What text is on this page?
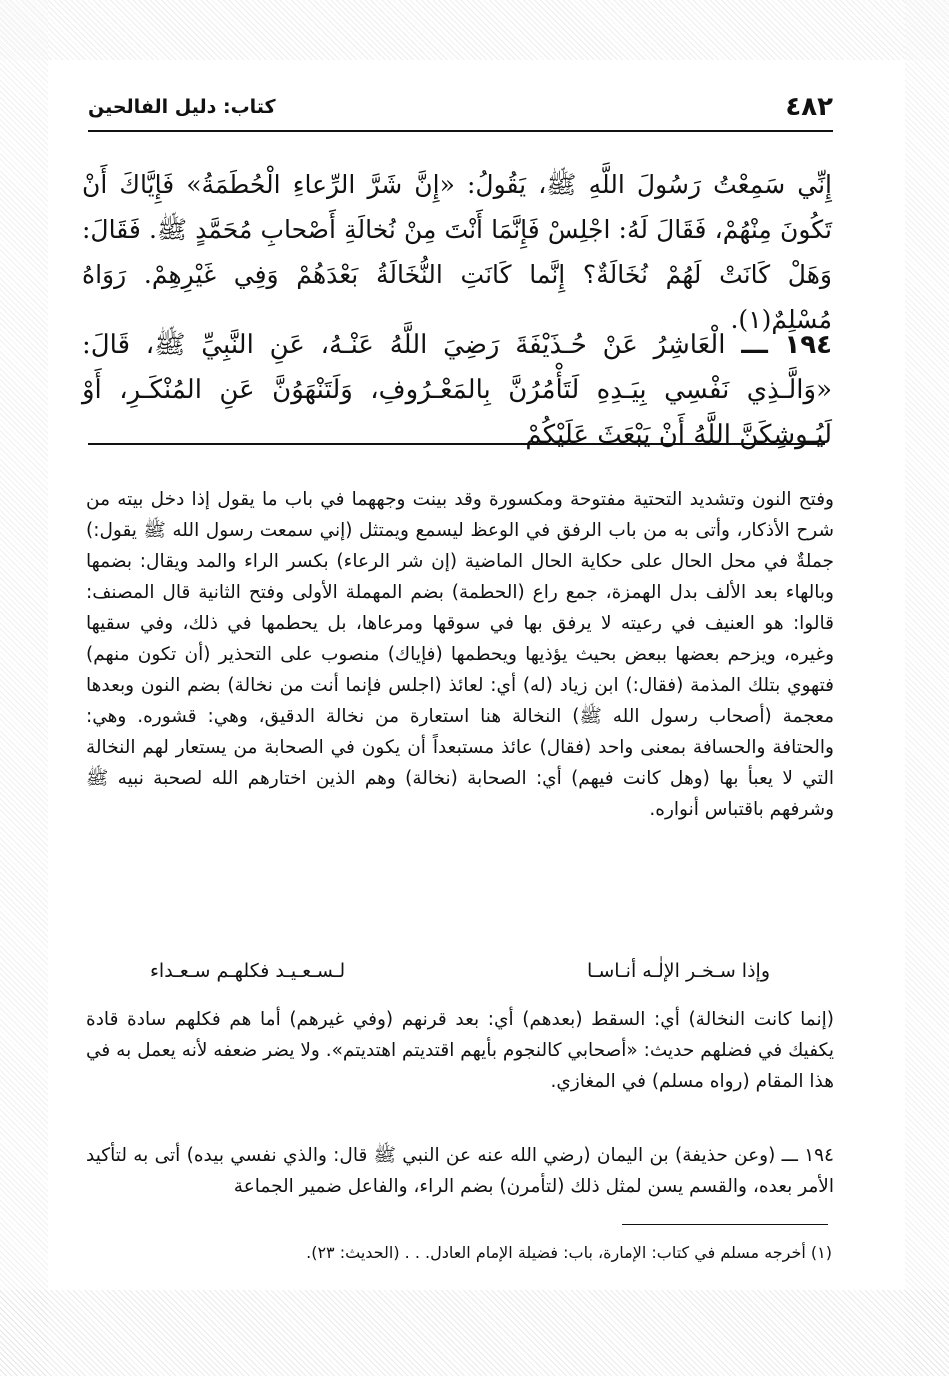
٤٨٢
كتاب: دليل الفالحين
إِنِّي سَمِعْتُ رَسُولَ اللَّهِ ﷺ، يَقُولُ: «إِنَّ شَرَّ الرِّعاءِ الْحُطَمَةُ» فَإِيَّاكَ أَنْ تَكُونَ مِنْهُمْ، فَقَالَ لَهُ: اجْلِسْ فَإِنَّمَا أَنْتَ مِنْ نُخالَةِ أَصْحابِ مُحَمَّدٍ ﷺ. فَقَالَ: وَهَلْ كَانَتْ لَهُمْ نُخَالَةٌ؟ إِنَّما كَانَتِ النُّخَالَةُ بَعْدَهُمْ وَفِي غَيْرِهِمْ. رَوَاهُ مُسْلِمٌ(١).
١٩٤ ـــ الْعَاشِرُ عَنْ حُـذَيْفَةَ رَضِيَ اللَّهُ عَنْـهُ، عَنِ النَّبِيِّ ﷺ، قَالَ: «وَالَّـذِي نَفْسِي بِيَـدِهِ لَتَأْمُرُنَّ بِالمَعْـرُوفِ، وَلَتَنْهَوُنَّ عَنِ المُنْكَـرِ، أَوْ لَيُـوشِكَنَّ اللَّهُ أَنْ يَبْعَثَ عَلَيْكُمْ
وفتح النون وتشديد التحتية مفتوحة ومكسورة وقد بينت وجههما في باب ما يقول إذا دخل بيته من شرح الأذكار، وأتى به من باب الرفق في الوعظ ليسمع ويمتثل (إني سمعت رسول الله ﷺ يقول:) جملةٌ في محل الحال على حكاية الحال الماضية (إن شر الرعاء) بكسر الراء والمد ويقال: بضمها وبالهاء بعد الألف بدل الهمزة، جمع راع (الحطمة) بضم المهملة الأولى وفتح الثانية قال المصنف: قالوا: هو العنيف في رعيته لا يرفق بها في سوقها ومرعاها، بل يحطمها في ذلك، وفي سقيها وغيره، ويزحم بعضها ببعض بحيث يؤذيها ويحطمها (فإياك) منصوب على التحذير (أن تكون منهم) فتهوي بتلك المذمة (فقال:) ابن زياد (له) أي: لعائذ (اجلس فإنما أنت من نخالة) بضم النون وبعدها معجمة (أصحاب رسول الله ﷺ) النخالة هنا استعارة من نخالة الدقيق، وهي: قشوره. وهي: والحتافة والحسافة بمعنى واحد (فقال) عائذ مستبعداً أن يكون في الصحابة من يستعار لهم النخالة التي لا يعبأ بها (وهل كانت فيهم) أي: الصحابة (نخالة) وهم الذين اختارهم الله لصحبة نبيه ﷺ وشرفهم باقتباس أنواره.
وإذا سـخـر الإلٰـه أنـاسـا
لـسـعـيـد فكلهـم سـعـداء
(إنما كانت النخالة) أي: السقط (بعدهم) أي: بعد قرنهم (وفي غيرهم) أما هم فكلهم سادة قادة يكفيك في فضلهم حديث: «أصحابي كالنجوم بأيهم اقتديتم اهتديتم». ولا يضر ضعفه لأنه يعمل به في هذا المقام (رواه مسلم) في المغازي.
١٩٤ ـــ (وعن حذيفة) بن اليمان (رضي الله عنه عن النبي ﷺ قال: والذي نفسي بيده) أتى به لتأكيد الأمر بعده، والقسم يسن لمثل ذلك (لتأمرن) بضم الراء، والفاعل ضمير الجماعة
(١) أخرجه مسلم في كتاب: الإمارة، باب: فضيلة الإمام العادل. . . (الحديث: ٢٣).
